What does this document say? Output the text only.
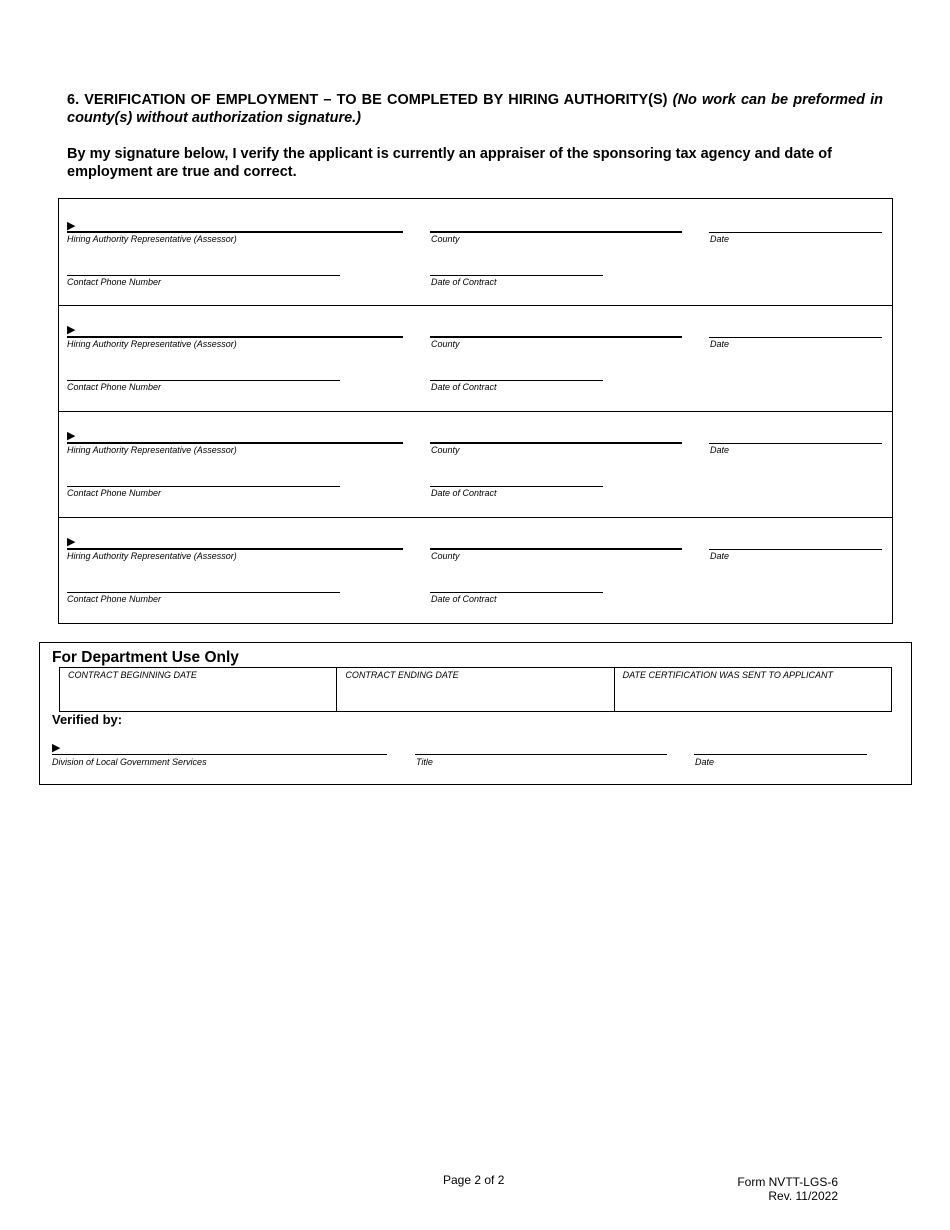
6. VERIFICATION OF EMPLOYMENT – TO BE COMPLETED BY HIRING AUTHORITY(S) (No work can be preformed in county(s) without authorization signature.)
By my signature below, I verify the applicant is currently an appraiser of the sponsoring tax agency and date of employment are true and correct.
▶
Hiring Authority Representative (Assessor)	County	Date
Contact Phone Number	Date of Contract
▶
Hiring Authority Representative (Assessor)	County	Date
Contact Phone Number	Date of Contract
▶
Hiring Authority Representative (Assessor)	County	Date
Contact Phone Number	Date of Contract
▶
Hiring Authority Representative (Assessor)	County	Date
Contact Phone Number	Date of Contract
For Department Use Only
CONTRACT BEGINNING DATE	CONTRACT ENDING DATE	DATE CERTIFICATION WAS SENT TO APPLICANT
Verified by:
▶
Division of Local Government Services	Title	Date
Page 2 of 2	Form NVTT-LGS-6
Rev. 11/2022
